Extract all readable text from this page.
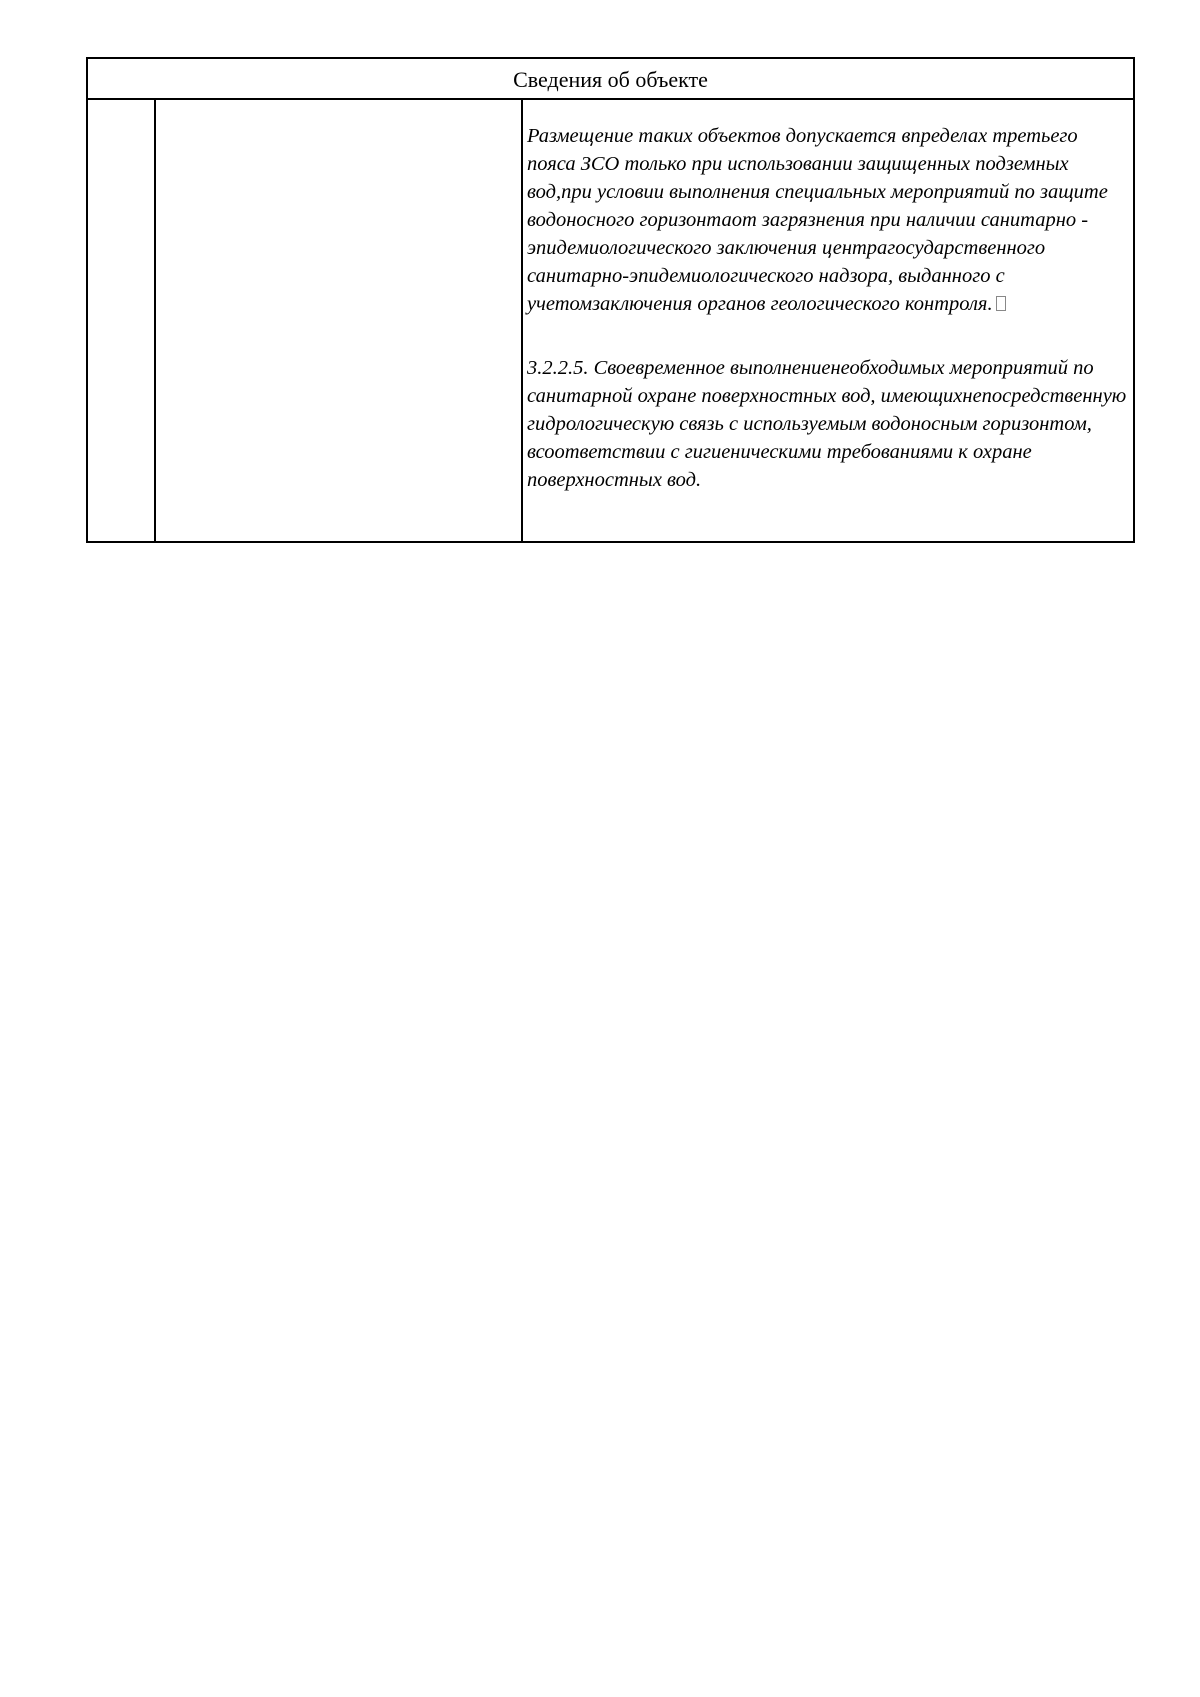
Сведения об объекте

Размещение таких объектов допускается впределах третьего пояса ЗСО только при использовании защищенных подземных вод,при условии выполнения специальных мероприятий по защите водоносного горизонтаот загрязнения при наличии санитарно - эпидемиологического заключения центрагосударственного санитарно-эпидемиологического надзора, выданного с учетомзаключения органов геологического контроля.

3.2.2.5. Своевременное выполнениенеобходимых мероприятий по санитарной охране поверхностных вод, имеющихнепосредственную гидрологическую связь с используемым водоносным горизонтом, всоответствии с гигиеническими требованиями к охране поверхностных вод.
